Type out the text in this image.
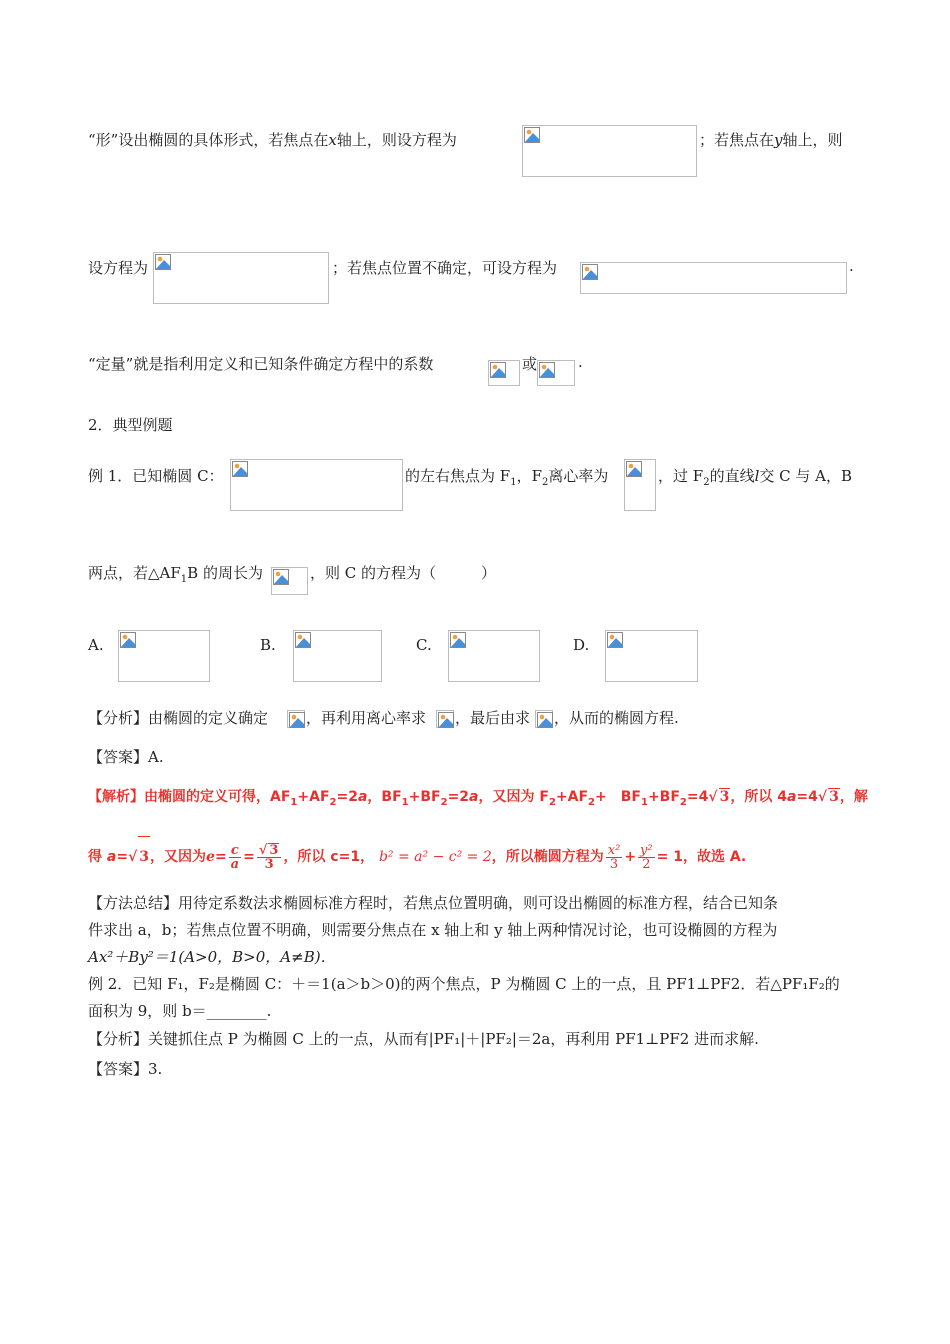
“形”设出椭圆的具体形式，若焦点在x轴上，则设方程为	；若焦点在y轴上，则
设方程为	；若焦点位置不确定，可设方程为	.
“定量”就是指利用定义和已知条件确定方程中的系数	或	.
2．典型例题
例 1．已知椭圆 C：	的左右焦点为 $F_1$，$F_2$离心率为	，过 $F_2$的直线l交 C 与 A，B
两点，若$\triangle AF_1B$ 的周长为	，则 C 的方程为（　　　）
A.	B.	C.	D.
【分析】由椭圆的定义确定	，再利用离心率求 ，最后由求 ，从而的椭圆方程.
【答案】A.
【解析】由椭圆的定义可得，$AF_1+AF_2=2a$，$BF_1+BF_2=2a$，又因为 $F_2+AF_2+$　$BF_1+BF_2=4√$ 3，所以 4a=4√ 3，解
得 a=√ 3，又因为$e= \frac{c}{a} = \frac{√ 3}{3}$ ，所以 c=1， b² = a² − c² = 2，所以椭圆方程为 $\frac{\text{x²}}{3} + \frac{\text{y²}}{2} = 1$，故选 A.
【方法总结】用待定系数法求椭圆标准方程时，若焦点位置明确，则可设出椭圆的标准方程，结合已知条
件求出 a，b；若焦点位置不明确，则需要分焦点在 x 轴上和 y 轴上两种情况讨论，也可设椭圆的方程为
Ax²＋By²＝1(A>0，B>0，A≠B)．
例 2．已知 F₁，F₂是椭圆 C：＋＝1(a＞b＞0)的两个焦点，P 为椭圆 C 上的一点，且 PF1⊥PF2．若△PF₁F₂的
面积为 9，则 b＝________.
【分析】关键抓住点 P 为椭圆 C 上的一点，从而有|PF₁|＋|PF₂|＝2a，再利用 PF1⊥PF2 进而求解.
【答案】3.
